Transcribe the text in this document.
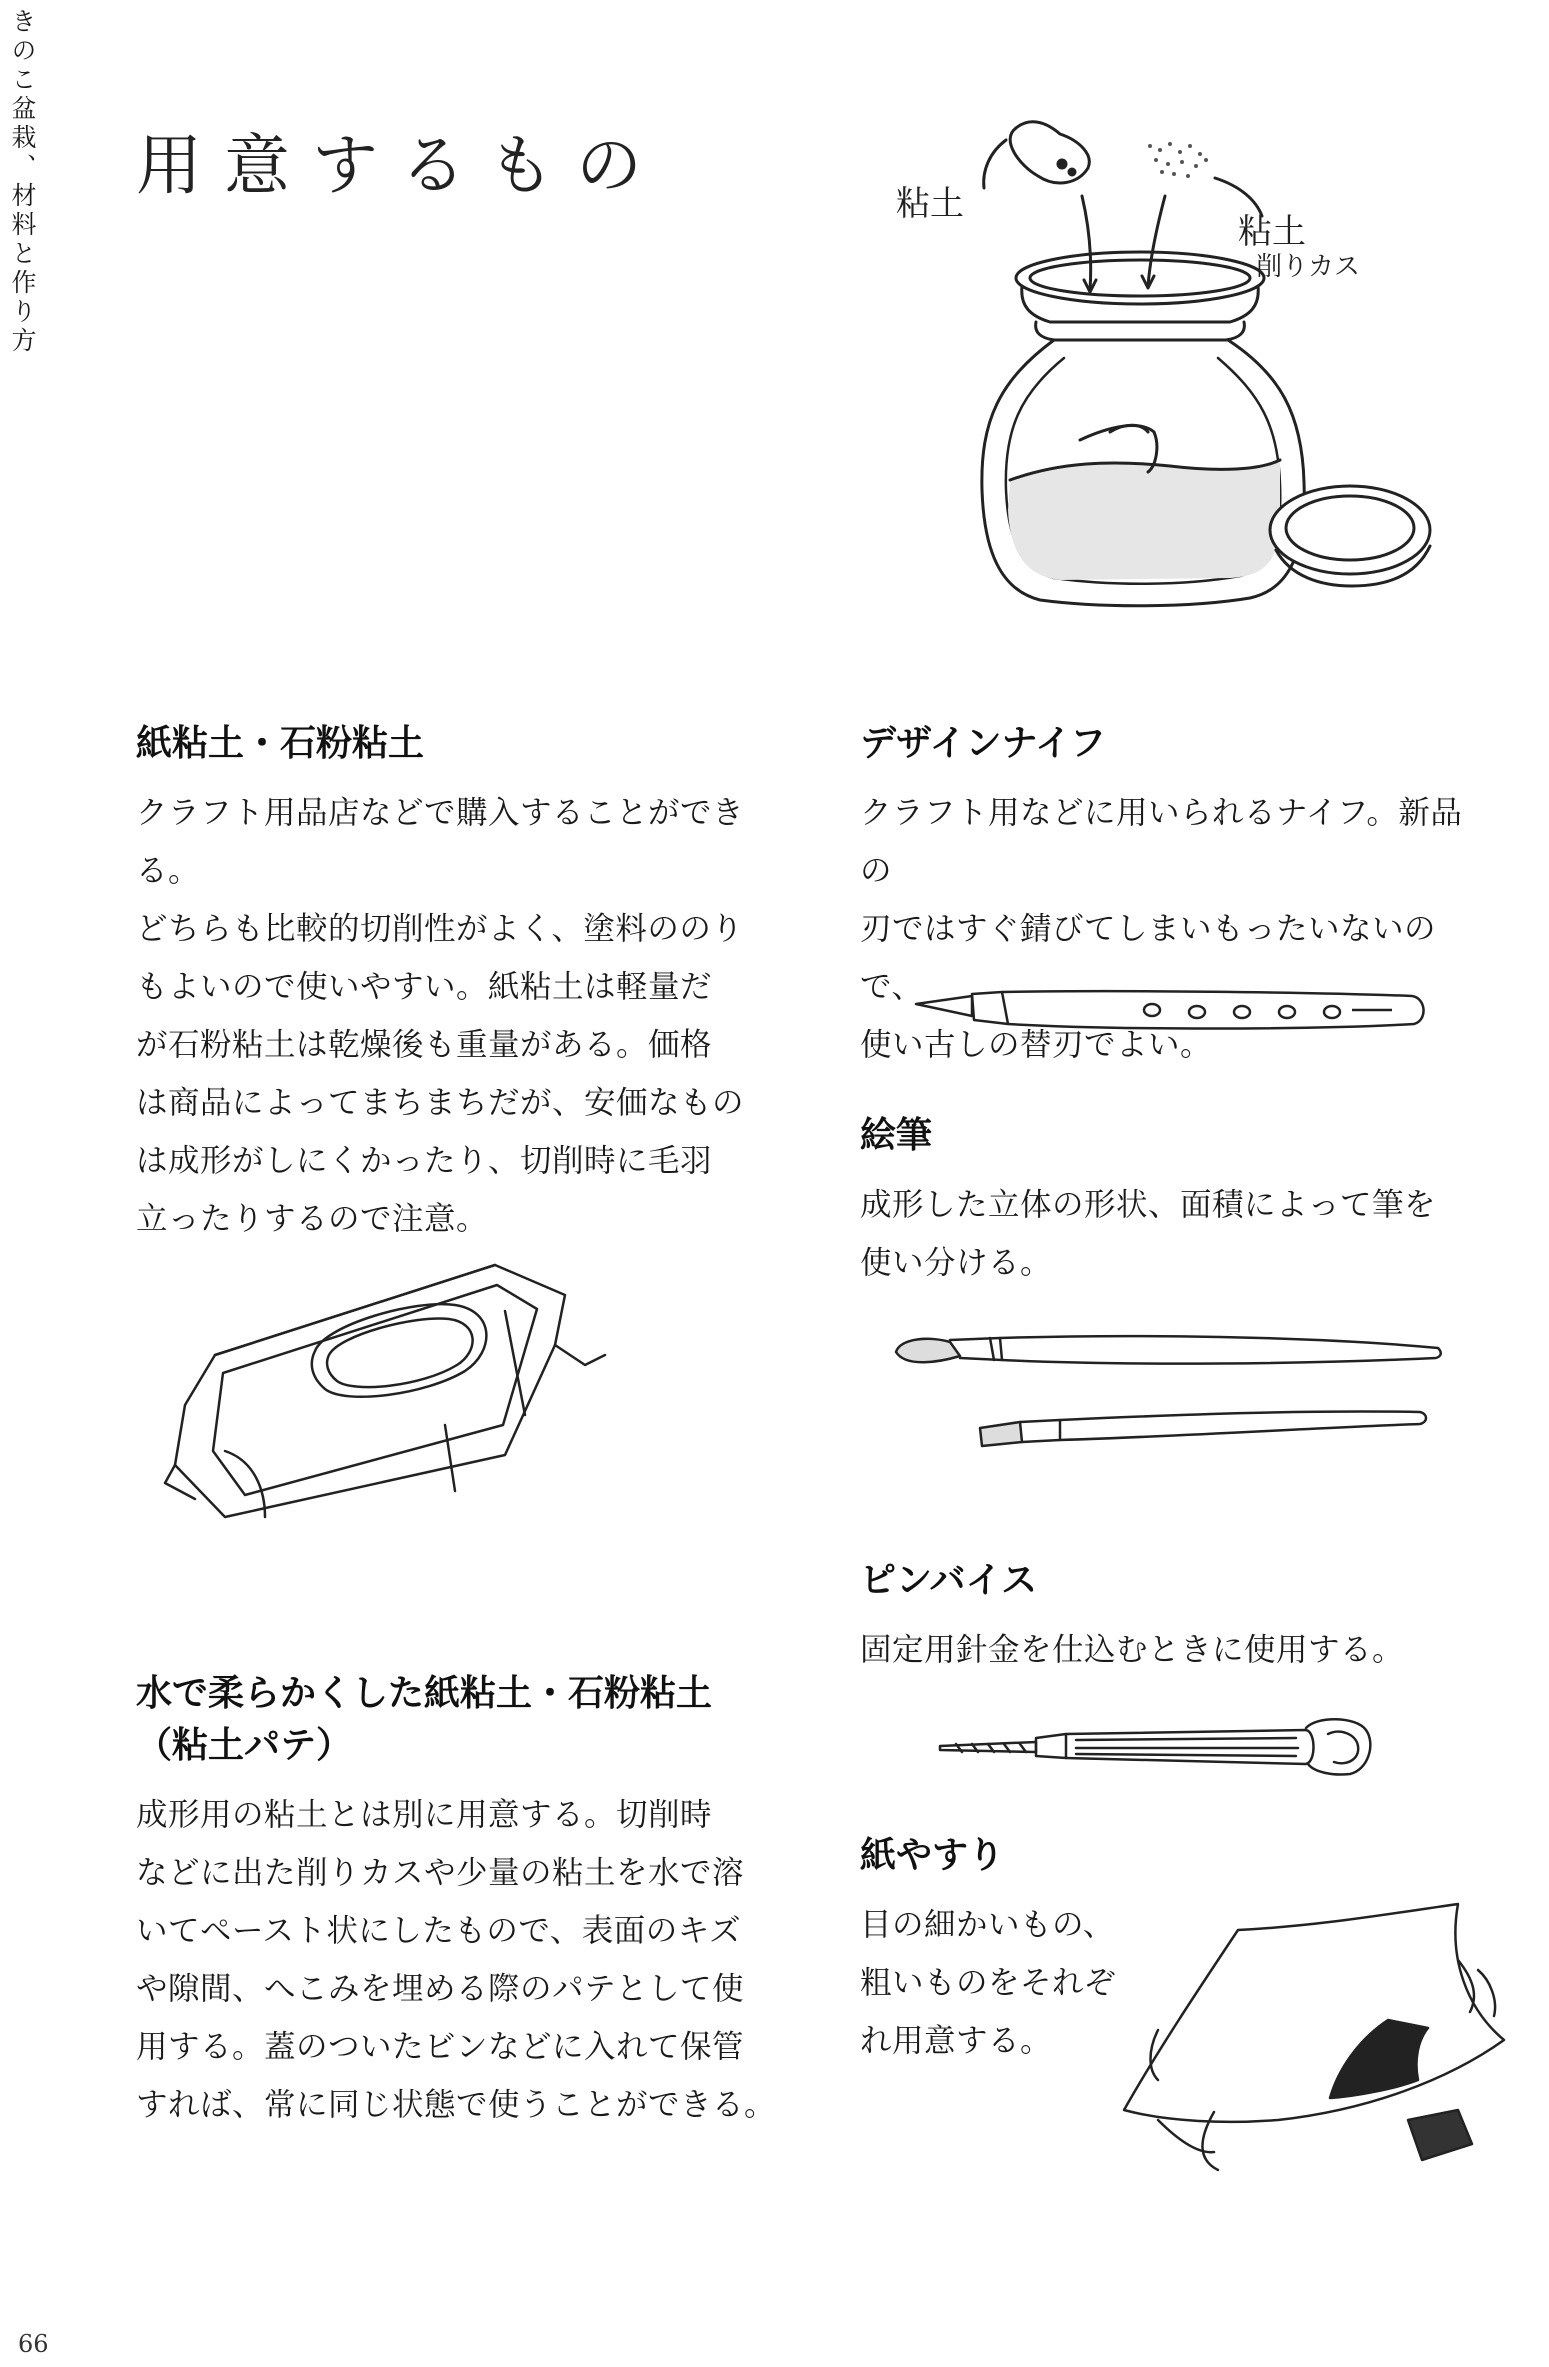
きのこ盆栽、材料と作り方 用意するもの	粘土
粘土
削りカス
紙粘土・石粉粘土

クラフト用品店などで購入することができる。

どちらも比較的切削性がよく、塗料ののり

もよいので使いやすい。紙粘土は軽量だ

が石粉粘土は乾燥後も重量がある。価格

は商品によってまちまちだが、安価なもの

は成形がしにくかったり、切削時に毛羽

立ったりするので注意。

水で柔らかくした紙粘土・石粉粘土
（粘土パテ）

成形用の粘土とは別に用意する。切削時

などに出た削りカスや少量の粘土を水で溶

いてペースト状にしたもので、表面のキズ

や隙間、へこみを埋める際のパテとして使

用する。蓋のついたビンなどに入れて保管

すれば、常に同じ状態で使うことができる。

デザインナイフ

クラフト用などに用いられるナイフ。新品の

刃ではすぐ錆びてしまいもったいないので、

使い古しの替刃でよい。

絵筆

成形した立体の形状、面積によって筆を

使い分ける。

ピンバイス

固定用針金を仕込むときに使用する。

紙やすり

目の細かいもの、

粗いものをそれぞ

れ用意する。

66
